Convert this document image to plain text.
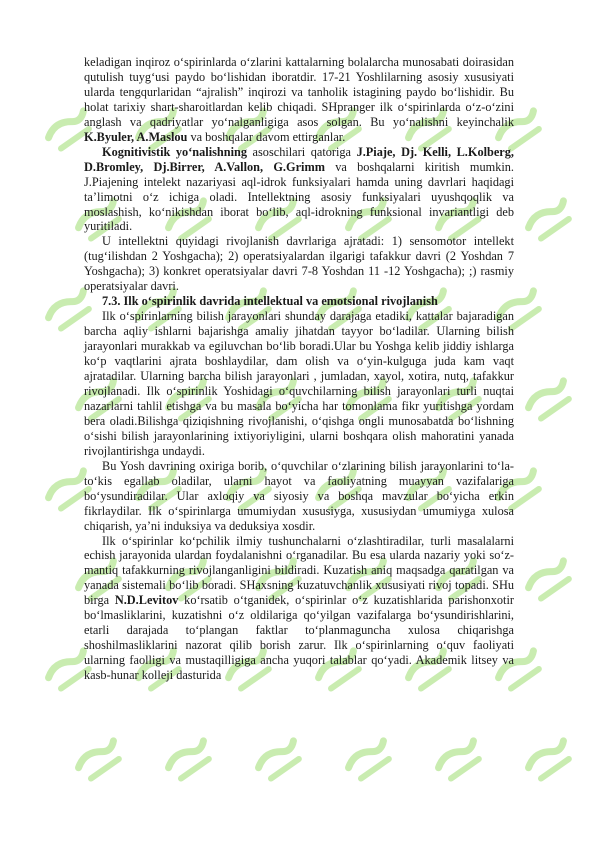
keladigan inqiroz o‘spirinlarda o‘zlarini kattalarning bolalarcha munosabati doirasidan qutulish tuyg‘usi paydo bo‘lishidan iboratdir. 17-21 Yoshlilarning asosiy xususiyati ularda tengqurlaridan “ajralish” inqirozi va tanholik istagining paydo bo‘lishidir. Bu holat tarixiy shart-sharoitlardan kelib chiqadi. SHpranger ilk o‘spirinlarda o‘z-o‘zini anglash va qadriyatlar yo‘nalganligiga asos solgan. Bu yo‘nalishni keyinchalik K.Byuler, A.Maslou va boshqalar davom ettirganlar.

Kognitivistik yo‘nalishning asoschilari qatoriga J.Piaje, Dj. Kelli, L.Kolberg, D.Bromley, Dj.Birrer, A.Vallon, G.Grimm va boshqalarni kiritish mumkin. J.Piajening intelekt nazariyasi aql-idrok funksiyalari hamda uning davrlari haqidagi ta’limotni o‘z ichiga oladi. Intellektning asosiy funksiyalari uyushqoqlik va moslashish, ko‘nikishdan iborat bo‘lib, aql-idrokning funksional invariantligi deb yuritiladi.

U intellektni quyidagi rivojlanish davrlariga ajratadi: 1) sensomotor intellekt (tug‘ilishdan 2 Yoshgacha); 2) operatsiyalardan ilgarigi tafakkur davri (2 Yoshdan 7 Yoshgacha); 3) konkret operatsiyalar davri 7-8 Yoshdan 11 -12 Yoshgacha); ;) rasmiy operatsiyalar davri.

7.3. Ilk o‘spirinlik davrida intellektual va emotsional rivojlanish

Ilk o‘spirinlarning bilish jarayonlari shunday darajaga etadiki, kattalar bajaradigan barcha aqliy ishlarni bajarishga amaliy jihatdan tayyor bo‘ladilar. Ularning bilish jarayonlari murakkab va egiluvchan bo‘lib boradi.Ular bu Yoshga kelib jiddiy ishlarga ko‘p vaqtlarini ajrata boshlaydilar, dam olish va o‘yin-kulguga juda kam vaqt ajratadilar. Ularning barcha bilish jarayonlari , jumladan, xayol, xotira, nutq, tafakkur rivojlanadi. Ilk o‘spirinlik Yoshidagi o‘quvchilarning bilish jarayonlari turli nuqtai nazarlarni tahlil etishga va bu masala bo‘yicha har tomonlama fikr yuritishga yordam bera oladi.Bilishga qiziqishning rivojlanishi, o‘qishga ongli munosabatda bo‘lishning o‘sishi bilish jarayonlarining ixtiyoriyligini, ularni boshqara olish mahoratini yanada rivojlantirishga undaydi.

Bu Yosh davrining oxiriga borib, o‘quvchilar o‘zlarining bilish jarayonlarini to‘la-to‘kis egallab oladilar, ularni hayot va faoliyatning muayyan vazifalariga bo‘ysundiradilar. Ular axloqiy va siyosiy va boshqa mavzular bo‘yicha erkin fikrlaydilar. Ilk o‘spirinlarga umumiydan xususiyga, xususiydan umumiyga xulosa chiqarish, ya’ni induksiya va deduksiya xosdir.

Ilk o‘spirinlar ko‘pchilik ilmiy tushunchalarni o‘zlashtiradilar, turli masalalarni echish jarayonida ulardan foydalanishni o‘rganadilar. Bu esa ularda nazariy yoki so‘z-mantiq tafakkurning rivojlanganligini bildiradi. Kuzatish aniq maqsadga qaratilgan va yanada sistemali bo‘lib boradi. SHaxsning kuzatuvchanlik xususiyati rivoj topadi. SHu birga N.D.Levitov ko‘rsatib o‘tganidek, o‘spirinlar o‘z kuzatishlarida parishonxotir bo‘lmasliklarini, kuzatishni o‘z oldilariga qo‘yilgan vazifalarga bo‘ysundirishlarini, etarli darajada to‘plangan faktlar to‘planmaguncha xulosa chiqarishga shoshilmasliklarini nazorat qilib borish zarur. Ilk o‘spirinlarning o‘quv faoliyati ularning faolligi va mustaqilligiga ancha yuqori talablar qo‘yadi. Akademik litsey va kasb-hunar kolleji dasturida
